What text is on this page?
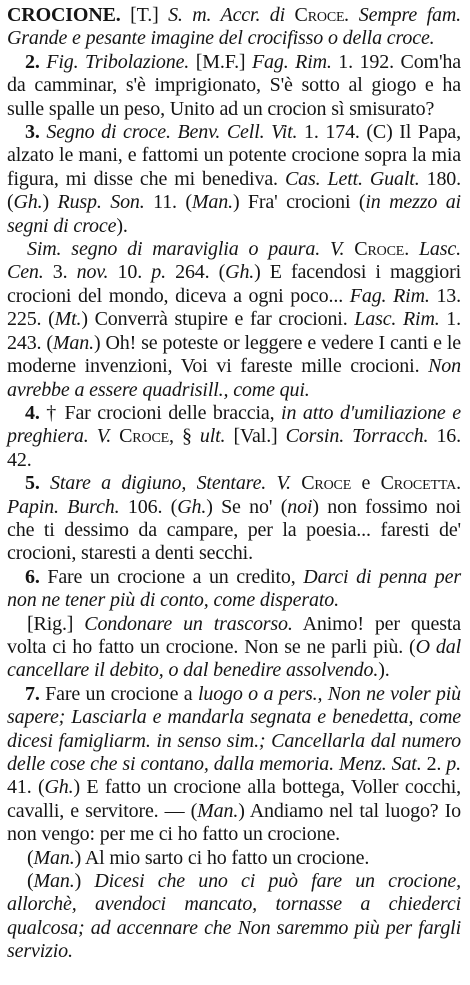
CROCIONE. [T.] S. m. Accr. di Croce. Sempre fam. Grande e pesante imagine del crocifisso o della croce.

2. Fig. Tribolazione. [M.F.] Fag. Rim. 1. 192. Com'ha da camminar, s'è imprigionato, S'è sotto al giogo e ha sulle spalle un peso, Unito ad un crocion sì smisurato?

3. Segno di croce. Benv. Cell. Vit. 1. 174. (C) Il Papa, alzato le mani, e fattomi un potente crocione sopra la mia figura, mi disse che mi benediva. Cas. Lett. Gualt. 180. (Gh.) Rusp. Son. 11. (Man.) Fra' crocioni (in mezzo ai segni di croce).

Sim. segno di maraviglia o paura. V. Croce. Lasc. Cen. 3. nov. 10. p. 264. (Gh.) E facendosi i maggiori crocioni del mondo, diceva a ogni poco... Fag. Rim. 13. 225. (Mt.) Converrà stupire e far crocioni. Lasc. Rim. 1. 243. (Man.) Oh! se poteste or leggere e vedere I canti e le moderne invenzioni, Voi vi fareste mille crocioni. Non avrebbe a essere quadrisill., come qui.

4. † Far crocioni delle braccia, in atto d'umiliazione e preghiera. V. Croce, § ult. [Val.] Corsin. Torracch. 16. 42.

5. Stare a digiuno, Stentare. V. Croce e Crocetta. Papin. Burch. 106. (Gh.) Se no' (noi) non fossimo noi che ti dessimo da campare, per la poesia... faresti de' crocioni, staresti a denti secchi.

6. Fare un crocione a un credito, Darci di penna per non ne tener più di conto, come disperato.

[Rig.] Condonare un trascorso. Animo! per questa volta ci ho fatto un crocione. Non se ne parli più. (O dal cancellare il debito, o dal benedire assolvendo.).

7. Fare un crocione a luogo o a pers., Non ne voler più sapere; Lasciarla e mandarla segnata e benedetta, come dicesi famigliarm. in senso sim.; Cancellarla dal numero delle cose che si contano, dalla memoria. Menz. Sat. 2. p. 41. (Gh.) E fatto un crocione alla bottega, Voller cocchi, cavalli, e servitore. — (Man.) Andiamo nel tal luogo? Io non vengo: per me ci ho fatto un crocione.

(Man.) Al mio sarto ci ho fatto un crocione.

(Man.) Dicesi che uno ci può fare un crocione, allorchè, avendoci mancato, tornasse a chiederci qualcosa; ad accennare che Non saremmo più per fargli servizio.
